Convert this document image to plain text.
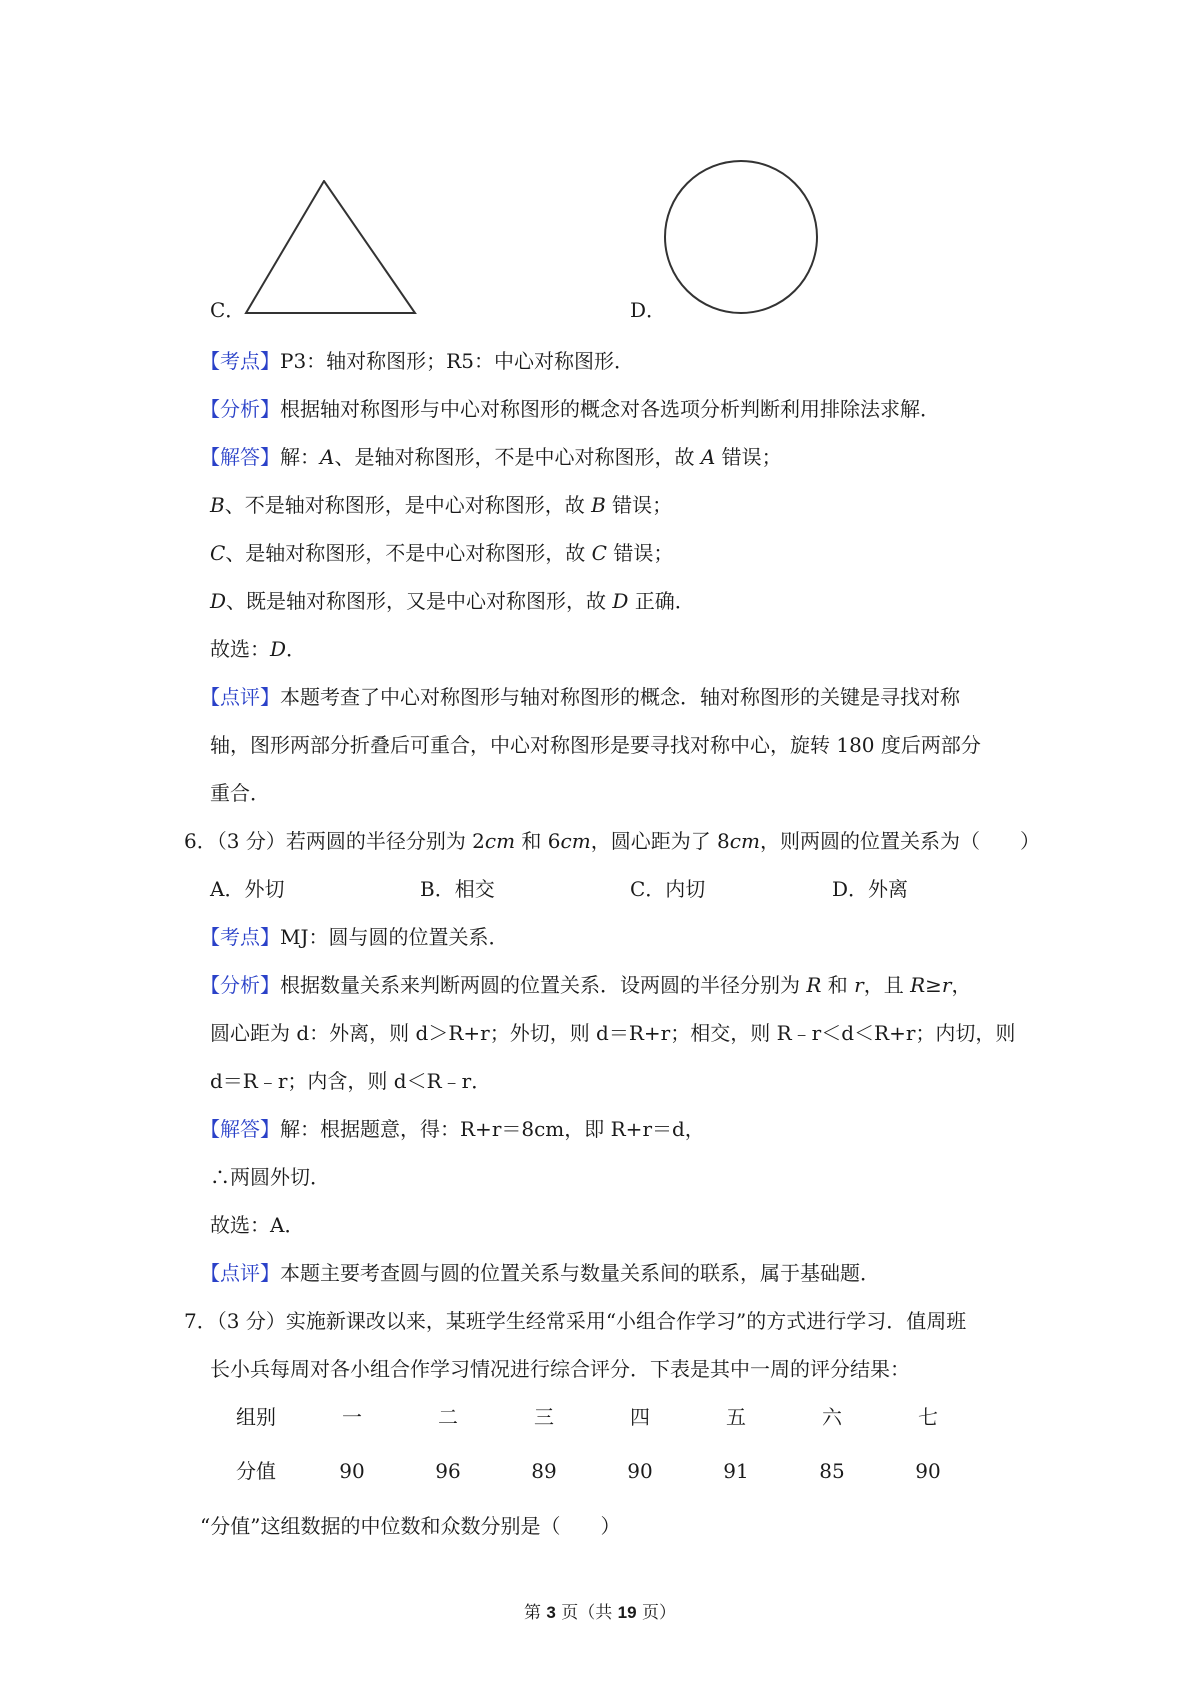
C．	D．
【考点】P3：轴对称图形；R5：中心对称图形．
【分析】根据轴对称图形与中心对称图形的概念对各选项分析判断利用排除法求解．
【解答】解：A、是轴对称图形，不是中心对称图形，故 A 错误；
B、不是轴对称图形，是中心对称图形，故 B 错误；
C、是轴对称图形，不是中心对称图形，故 C 错误；
D、既是轴对称图形，又是中心对称图形，故 D 正确．
故选：D．
【点评】本题考查了中心对称图形与轴对称图形的概念．轴对称图形的关键是寻找对称
轴，图形两部分折叠后可重合，中心对称图形是要寻找对称中心，旋转 180 度后两部分
重合．
6．（3 分）若两圆的半径分别为 2cm 和 6cm，圆心距为了 8cm，则两圆的位置关系为（　　）
A．外切	B．相交	C．内切	D．外离
【考点】MJ：圆与圆的位置关系．
【分析】根据数量关系来判断两圆的位置关系．设两圆的半径分别为 R 和 r，且 R≥r，
圆心距为 d：外离，则 d＞R+r；外切，则 d＝R+r；相交，则 R﹣r＜d＜R+r；内切，则
d＝R﹣r；内含，则 d＜R﹣r．
【解答】解：根据题意，得：R+r＝8cm，即 R+r＝d，
∴两圆外切．
故选：A．
【点评】本题主要考查圆与圆的位置关系与数量关系间的联系，属于基础题．
7．（3 分）实施新课改以来，某班学生经常采用“小组合作学习”的方式进行学习．值周班
长小兵每周对各小组合作学习情况进行综合评分．下表是其中一周的评分结果：
组别	一	二	三	四	五	六	七
分值	90	96	89	90	91	85	90
“分值”这组数据的中位数和众数分别是（　　）
第 3 页（共 19 页）
